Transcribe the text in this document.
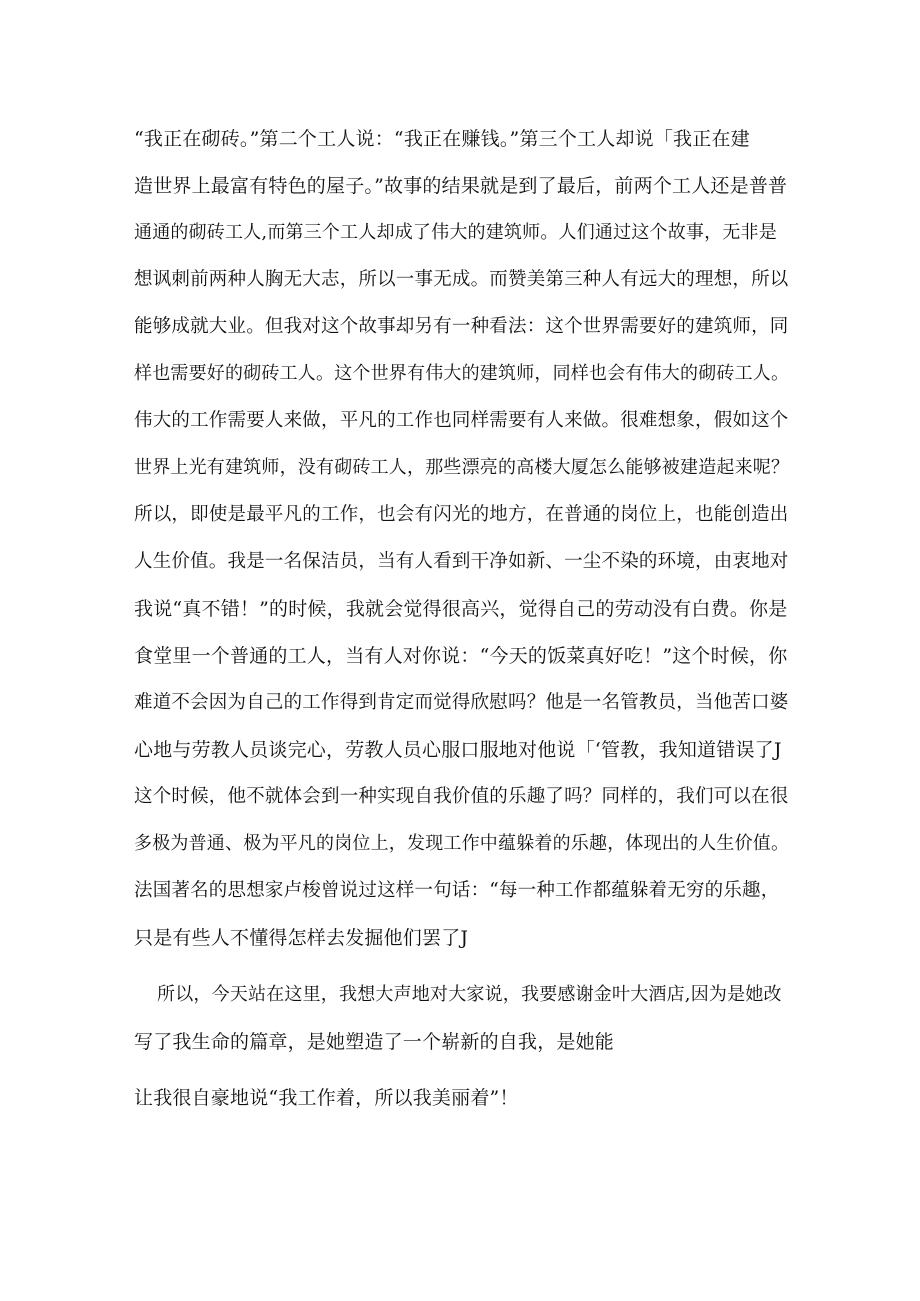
“我正在砌砖。”第二个工人说：“我正在赚钱。”第三个工人却说「我正在建
造世界上最富有特色的屋子。”故事的结果就是到了最后，前两个工人还是普普
通通的砌砖工人,而第三个工人却成了伟大的建筑师。人们通过这个故事，无非是
想讽刺前两种人胸无大志，所以一事无成。而赞美第三种人有远大的理想，所以
能够成就大业。但我对这个故事却另有一种看法：这个世界需要好的建筑师，同
样也需要好的砌砖工人。这个世界有伟大的建筑师，同样也会有伟大的砌砖工人。
伟大的工作需要人来做，平凡的工作也同样需要有人来做。很难想象，假如这个
世界上光有建筑师，没有砌砖工人，那些漂亮的高楼大厦怎么能够被建造起来呢？
所以，即使是最平凡的工作，也会有闪光的地方，在普通的岗位上，也能创造出
人生价值。我是一名保洁员，当有人看到干净如新、一尘不染的环境，由衷地对
我说“真不错！”的时候，我就会觉得很高兴，觉得自己的劳动没有白费。你是
食堂里一个普通的工人，当有人对你说：“今天的饭菜真好吃！”这个时候，你
难道不会因为自己的工作得到肯定而觉得欣慰吗？他是一名管教员，当他苦口婆
心地与劳教人员谈完心，劳教人员心服口服地对他说「‘管教，我知道错误了J
这个时候，他不就体会到一种实现自我价值的乐趣了吗？同样的，我们可以在很
多极为普通、极为平凡的岗位上，发现工作中蕴躲着的乐趣，体现出的人生价值。
法国著名的思想家卢梭曾说过这样一句话：“每一种工作都蕴躲着无穷的乐趣，
只是有些人不懂得怎样去发掘他们罢了J
所以，今天站在这里，我想大声地对大家说，我要感谢金叶大酒店,因为是她改
写了我生命的篇章，是她塑造了一个崭新的自我，是她能
让我很自豪地说“我工作着，所以我美丽着”！
